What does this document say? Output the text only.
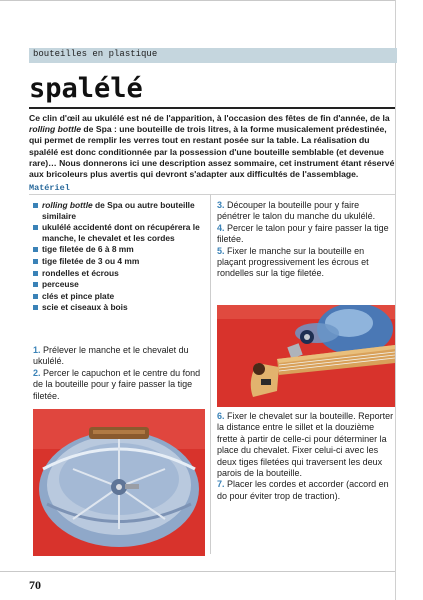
bouteilles en plastique
spalélé
Ce clin d'œil au ukulélé est né de l'apparition, à l'occasion des fêtes de fin d'année, de la rolling bottle de Spa : une bouteille de trois litres, à la forme musicalement prédestinée, qui permet de remplir les verres tout en restant posée sur la table. La réalisation du spalélé est donc conditionnée par la possession d'une bouteille semblable (et devenue rare)… Nous donnerons ici une description assez sommaire, cet instrument étant réservé aux bricoleurs plus avertis qui devront s'adapter aux difficultés de l'assemblage.
Matériel
rolling bottle de Spa ou autre bouteille similaire
ukulélé accidenté dont on récupérera le manche, le chevalet et les cordes
tige filetée de 6 à 8 mm
tige filetée de 3 ou 4 mm
rondelles et écrous
perceuse
clés et pince plate
scie et ciseaux à bois

1. Prélever le manche et le chevalet du ukulélé.

2. Percer le capuchon et le centre du fond de la bouteille pour y faire passer la tige filetée.

3. Découper la bouteille pour y faire pénétrer le talon du manche du ukulélé.

4. Percer le talon pour y faire passer la tige filetée.

5. Fixer le manche sur la bouteille en plaçant progressivement les écrous et rondelles sur la tige filetée.

6. Fixer le chevalet sur la bouteille. Reporter la distance entre le sillet et la douzième frette à partir de celle-ci pour déterminer la place du chevalet. Fixer celui-ci avec les deux tiges filetées qui traversent les deux parois de la bouteille.

7. Placer les cordes et accorder (accord en do pour éviter trop de traction).

70
